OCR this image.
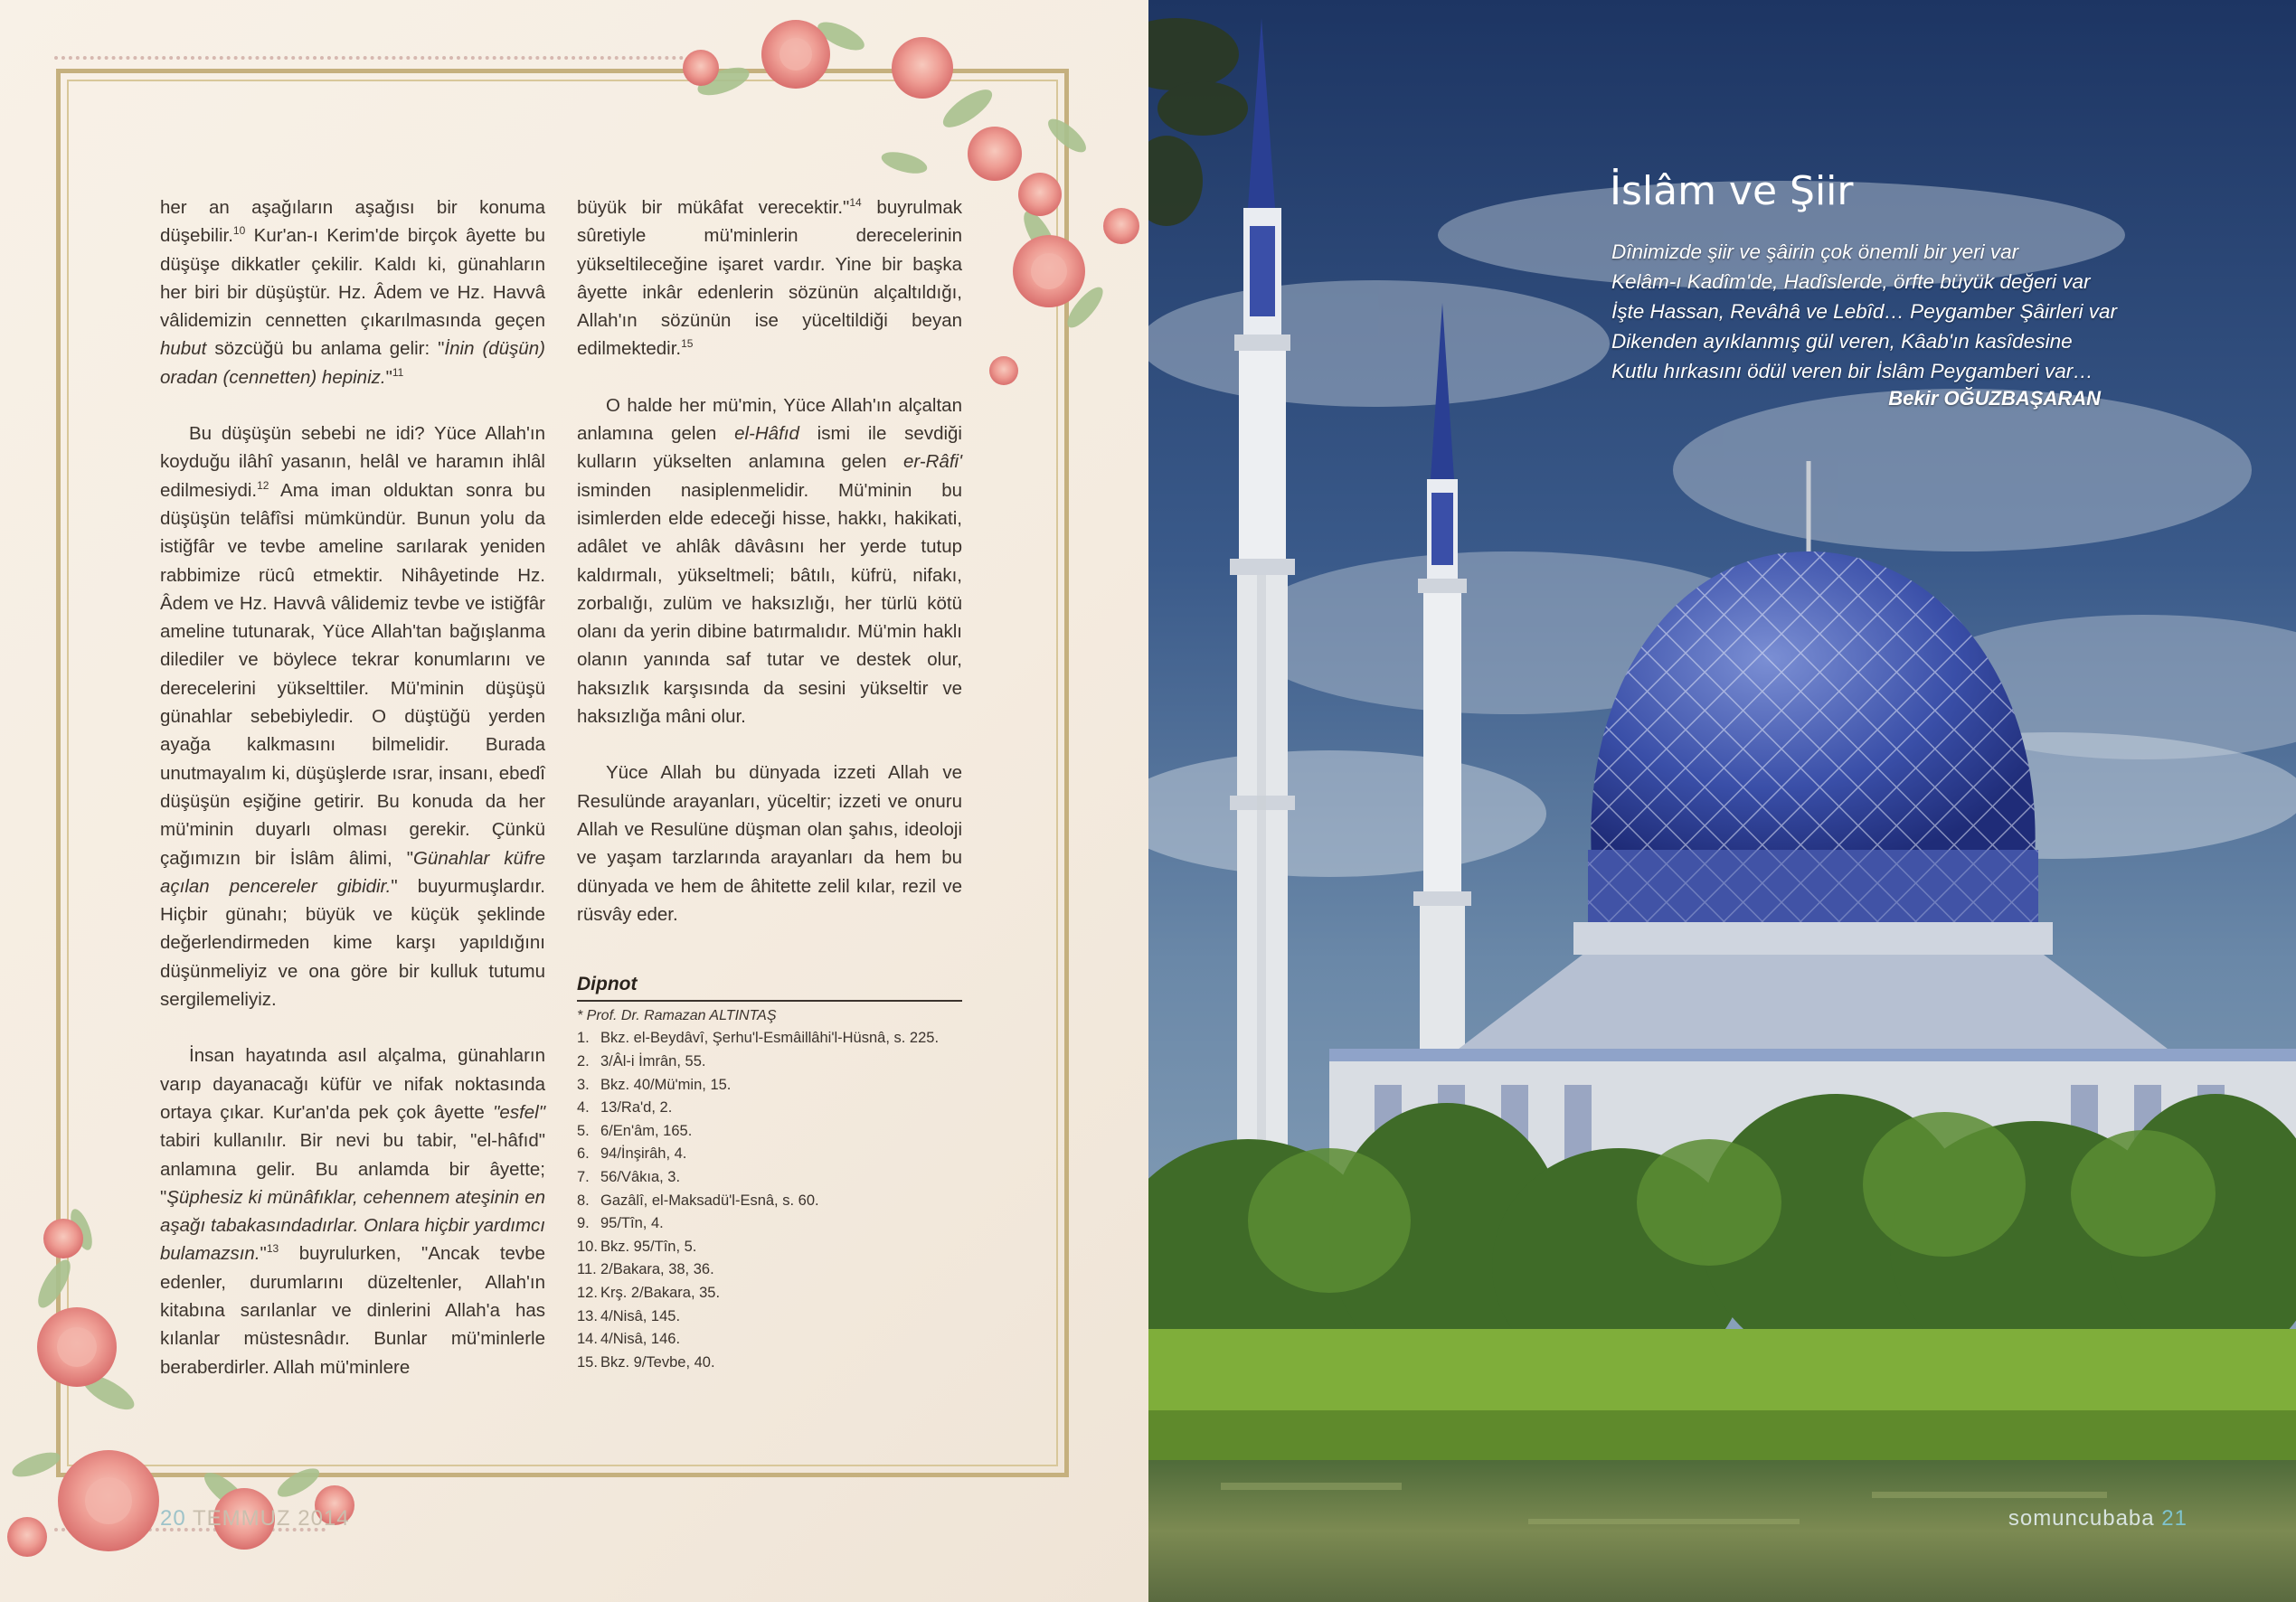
her an aşağıların aşağısı bir konuma düşebilir.$^{10}$ Kur'an-ı Kerim'de birçok âyette bu düşüşe dikkatler çekilir. Kaldı ki, günahların her biri bir düşüştür. Hz. Âdem ve Hz. Havvâ vâlidemizin cennetten çıkarılmasında geçen hubut sözcüğü bu anlama gelir: "İnin (düşün) oradan (cennetten) hepiniz."$^{11}$

Bu düşüşün sebebi ne idi? Yüce Allah'ın koyduğu ilâhî yasanın, helâl ve haramın ihlâl edilmesiydi.$^{12}$ Ama iman olduktan sonra bu düşüşün telâfîsi mümkündür. Bunun yolu da istiğfâr ve tevbe ameline sarılarak yeniden rabbimize rücû etmektir. Nihâyetinde Hz. Âdem ve Hz. Havvâ vâlidemiz tevbe ve istiğfâr ameline tutunarak, Yüce Allah'tan bağışlanma dilediler ve böylece tekrar konumlarını ve derecelerini yükselttiler. Mü'minin düşüşü günahlar sebebiyledir. O düştüğü yerden ayağa kalkmasını bilmelidir. Burada unutmayalım ki, düşüşlerde ısrar, insanı, ebedî düşüşün eşiğine getirir. Bu konuda da her mü'minin duyarlı olması gerekir. Çünkü çağımızın bir İslâm âlimi, "Günahlar küfre açılan pencereler gibidir." buyurmuşlardır. Hiçbir günahı; büyük ve küçük şeklinde değerlendirmeden kime karşı yapıldığını düşünmeliyiz ve ona göre bir kulluk tutumu sergilemeliyiz.

İnsan hayatında asıl alçalma, günahların varıp dayanacağı küfür ve nifak noktasında ortaya çıkar. Kur'an'da pek çok âyette "esfel" tabiri kullanılır. Bir nevi bu tabir, "el-hâfıd" anlamına gelir. Bu anlamda bir âyette; "Şüphesiz ki münâfıklar, cehennem ateşinin en aşağı tabakasındadırlar. Onlara hiçbir yardımcı bulamazsın."$^{13}$ buyrulurken, "Ancak tevbe edenler, durumlarını düzeltenler, Allah'ın kitabına sarılanlar ve dinlerini Allah'a has kılanlar müstesnâdır. Bunlar mü'minlerle beraberdirler. Allah mü'minlere

büyük bir mükâfat verecektir."$^{14}$ buyrulmak sûretiyle mü'minlerin derecelerinin yükseltileceğine işaret vardır. Yine bir başka âyette inkâr edenlerin sözünün alçaltıldığı, Allah'ın sözünün ise yüceltildiği beyan edilmektedir.$^{15}$

O halde her mü'min, Yüce Allah'ın alçaltan anlamına gelen el-Hâfıd ismi ile sevdiği kulların yükselten anlamına gelen er-Râfi' isminden nasiplenmelidir. Mü'minin bu isimlerden elde edeceği hisse, hakkı, hakikati, adâlet ve ahlâk dâvâsını her yerde tutup kaldırmalı, yükseltmeli; bâtılı, küfrü, nifakı, zorbalığı, zulüm ve haksızlığı, her türlü kötü olanı da yerin dibine batırmalıdır. Mü'min haklı olanın yanında saf tutar ve destek olur, haksızlık karşısında da sesini yükseltir ve haksızlığa mâni olur.

Yüce Allah bu dünyada izzeti Allah ve Resulünde arayanları, yüceltir; izzeti ve onuru Allah ve Resulüne düşman olan şahıs, ideoloji ve yaşam tarzlarında arayanları da hem bu dünyada ve hem de âhitette zelil kılar, rezil ve rüsvây eder.

Dipnot
* Prof. Dr. Ramazan ALTINTAŞ
1. Bkz. el-Beydâvî, Şerhu'l-Esmâillâhi'l-Hüsnâ, s. 225.
2. 3/Âl-i İmrân, 55.
3. Bkz. 40/Mü'min, 15.
4. 13/Ra'd, 2.
5. 6/En'âm, 165.
6. 94/İnşirâh, 4.
7. 56/Vâkıa, 3.
8. Gazâlî, el-Maksadü'l-Esnâ, s. 60.
9. 95/Tîn, 4.
10. Bkz. 95/Tîn, 5.
11. 2/Bakara, 38, 36.
12. Krş. 2/Bakara, 35.
13. 4/Nisâ, 145.
14. 4/Nisâ, 146.
15. Bkz. 9/Tevbe, 40.
20 TEMMUZ 2014
İslâm ve Şiir
Dînimizde şiir ve şâirin çok önemli bir yeri var
Kelâm-ı Kadîm'de, Hadîslerde, örfte büyük değeri var
İşte Hassan, Revâhâ ve Lebîd… Peygamber Şâirleri var
Dikenden ayıklanmış gül veren, Kâab'ın kasîdesine
Kutlu hırkasını ödül veren bir İslâm Peygamberi var…
Bekir OĞUZBAŞARAN
somuncubaba 21
